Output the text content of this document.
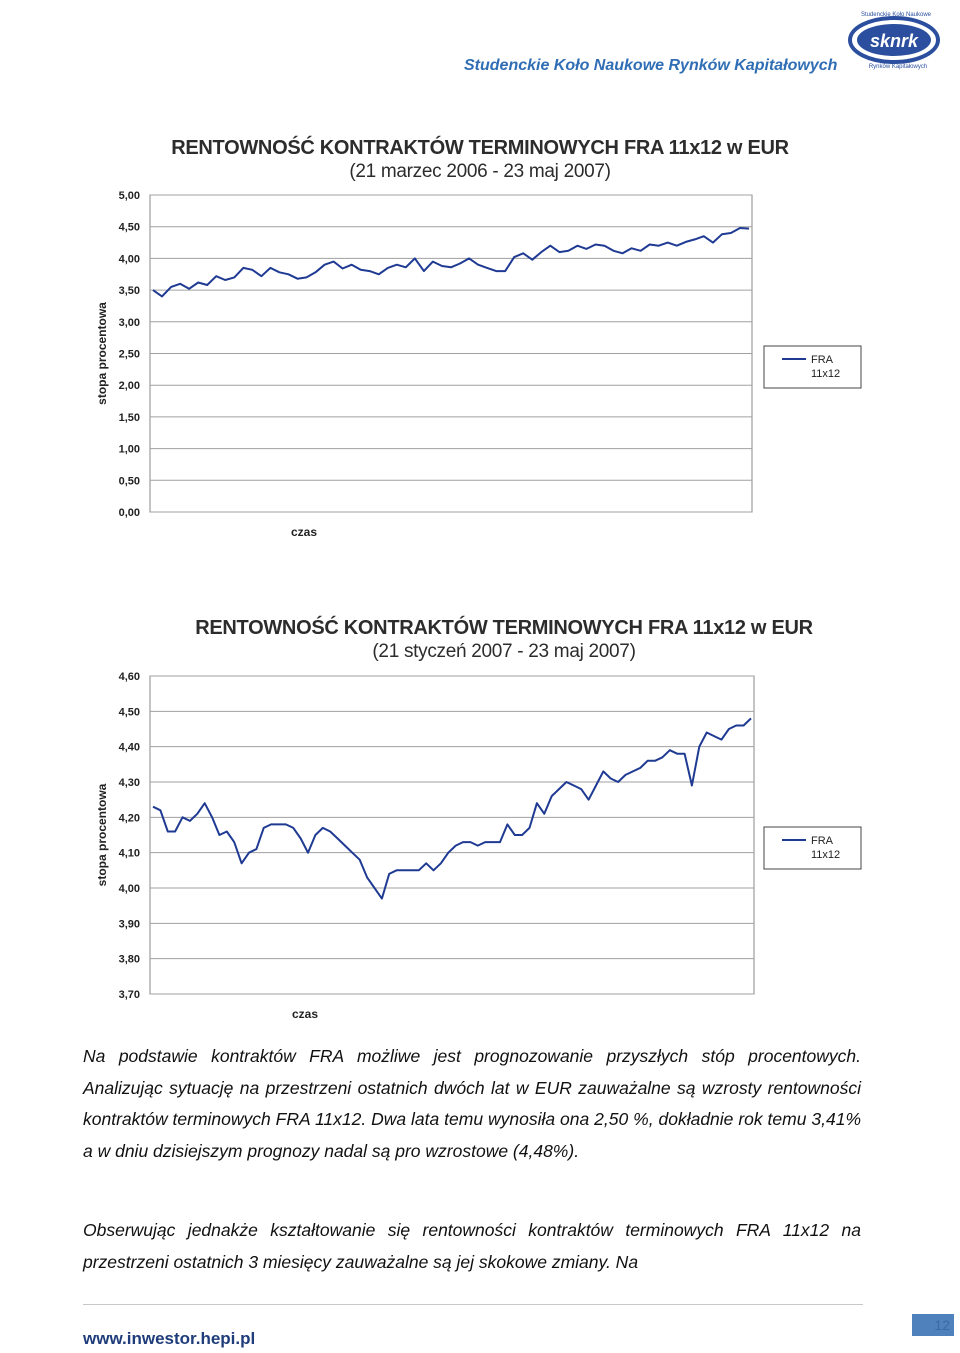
Studenckie Koło Naukowe Rynków Kapitałowych
sknrk
Studenckie Koło Naukowe
Rynków Kapitałowych
RENTOWNOŚĆ KONTRAKTÓW TERMINOWYCH FRA 11x12 w EUR
(21 marzec 2006 - 23 maj 2007)
0,00
0,50
1,00
1,50
2,00
2,50
3,00
3,50
4,00
4,50
5,00
stopa procentowa
czas
FRA
11x12
RENTOWNOŚĆ KONTRAKTÓW TERMINOWYCH FRA 11x12 w EUR
(21 styczeń 2007 - 23 maj 2007)
3,70
3,80
3,90
4,00
4,10
4,20
4,30
4,40
4,50
4,60
stopa procentowa
czas
FRA
11x12

Na podstawie kontraktów FRA możliwe jest prognozowanie przyszłych stóp procentowych. Analizując sytuację na przestrzeni ostatnich dwóch lat w EUR zauważalne są wzrosty rentowności kontraktów terminowych FRA 11x12. Dwa lata temu wynosiła ona 2,50 %, dokładnie rok temu 3,41% a w dniu dzisiejszym prognozy nadal są pro wzrostowe (4,48%).

Obserwując jednakże kształtowanie się rentowności kontraktów terminowych FRA 11x12 na przestrzeni ostatnich 3 miesięcy zauważalne są jej skokowe zmiany. Na

www.inwestor.hepi.pl
12
